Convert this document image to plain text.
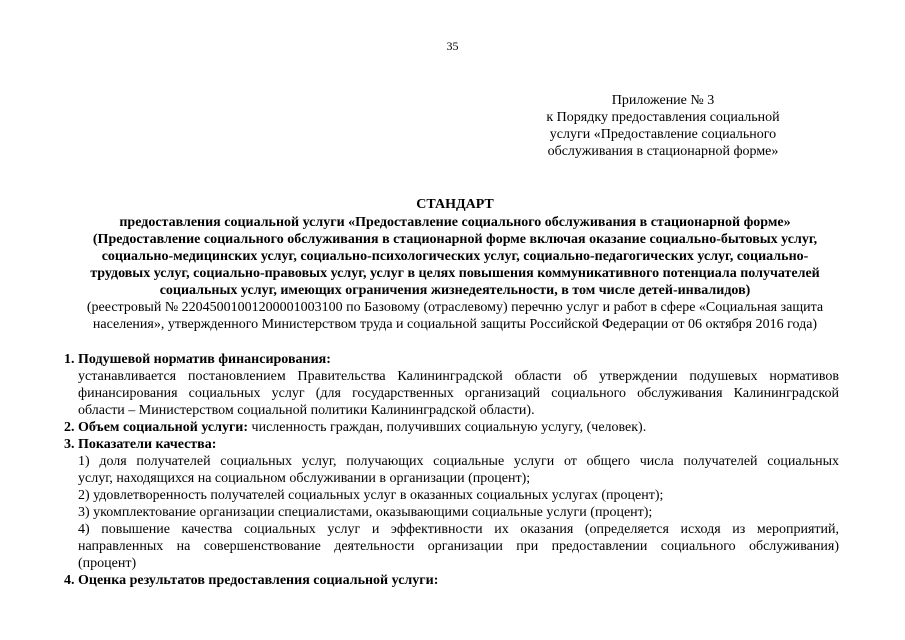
35
Приложение № 3
к Порядку предоставления социальной
услуги «Предоставление социального
обслуживания в стационарной форме»
СТАНДАРТ
предоставления социальной услуги «Предоставление социального обслуживания в стационарной форме»
(Предоставление социального обслуживания в стационарной форме включая оказание социально-бытовых услуг,
социально-медицинских услуг, социально-психологических услуг, социально-педагогических услуг, социально-
трудовых услуг, социально-правовых услуг, услуг в целях повышения коммуникативного потенциала получателей
социальных услуг, имеющих ограничения жизнедеятельности, в том числе детей-инвалидов)
(реестровый № 22045001001200001003100 по Базовому (отраслевому) перечню услуг и работ в сфере «Социальная защита
населения», утвержденного Министерством труда и социальной защиты Российской Федерации от 06 октября 2016 года)
1. Подушевой норматив финансирования:
устанавливается постановлением Правительства Калининградской области об утверждении подушевых нормативов
финансирования социальных услуг (для государственных организаций социального обслуживания Калининградской
области – Министерством социальной политики Калининградской области).
2. Объем социальной услуги: численность граждан, получивших социальную услугу, (человек).
3. Показатели качества:
1) доля получателей социальных услуг, получающих социальные услуги от общего числа получателей социальных
услуг, находящихся на социальном обслуживании в организации (процент);
2) удовлетворенность получателей социальных услуг в оказанных социальных услугах (процент);
3) укомплектование организации специалистами, оказывающими социальные услуги (процент);
4) повышение качества социальных услуг и эффективности их оказания (определяется исходя из мероприятий,
направленных на совершенствование деятельности организации при предоставлении социального обслуживания)
(процент)
4. Оценка результатов предоставления социальной услуги:
